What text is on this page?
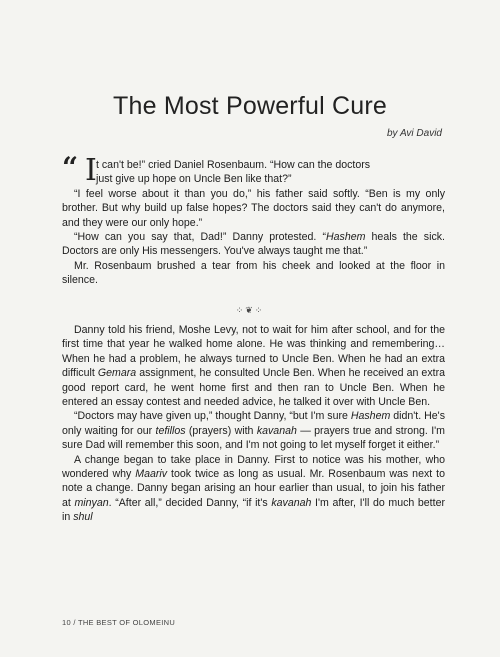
The Most Powerful Cure
by Avi David

“ I t can't be!” cried Daniel Rosenbaum. “How can the doctors
just give up hope on Uncle Ben like that?”

“I feel worse about it than you do,” his father said softly. “Ben is my only brother. But why build up false hopes? The doctors said they can't do anymore, and they were our only hope.”

“How can you say that, Dad!” Danny protested. “Hashem heals the sick. Doctors are only His messengers. You've always taught me that.”

Mr. Rosenbaum brushed a tear from his cheek and looked at the floor in silence.

⁘❦⁘

Danny told his friend, Moshe Levy, not to wait for him after school, and for the first time that year he walked home alone. He was thinking and remembering… When he had a problem, he always turned to Uncle Ben. When he had an extra difficult Gemara assignment, he consulted Uncle Ben. When he received an extra good report card, he went home first and then ran to Uncle Ben. When he entered an essay contest and needed advice, he talked it over with Uncle Ben.

“Doctors may have given up,” thought Danny, “but I'm sure Hashem didn't. He's only waiting for our tefillos (prayers) with kavanah — prayers true and strong. I'm sure Dad will remember this soon, and I'm not going to let myself forget it either.”

A change began to take place in Danny. First to notice was his mother, who wondered why Maariv took twice as long as usual. Mr. Rosenbaum was next to note a change. Danny began arising an hour earlier than usual, to join his father at minyan. “After all,” decided Danny, “if it's kavanah I'm after, I'll do much better in shul

10 / THE BEST OF OLOMEINU
